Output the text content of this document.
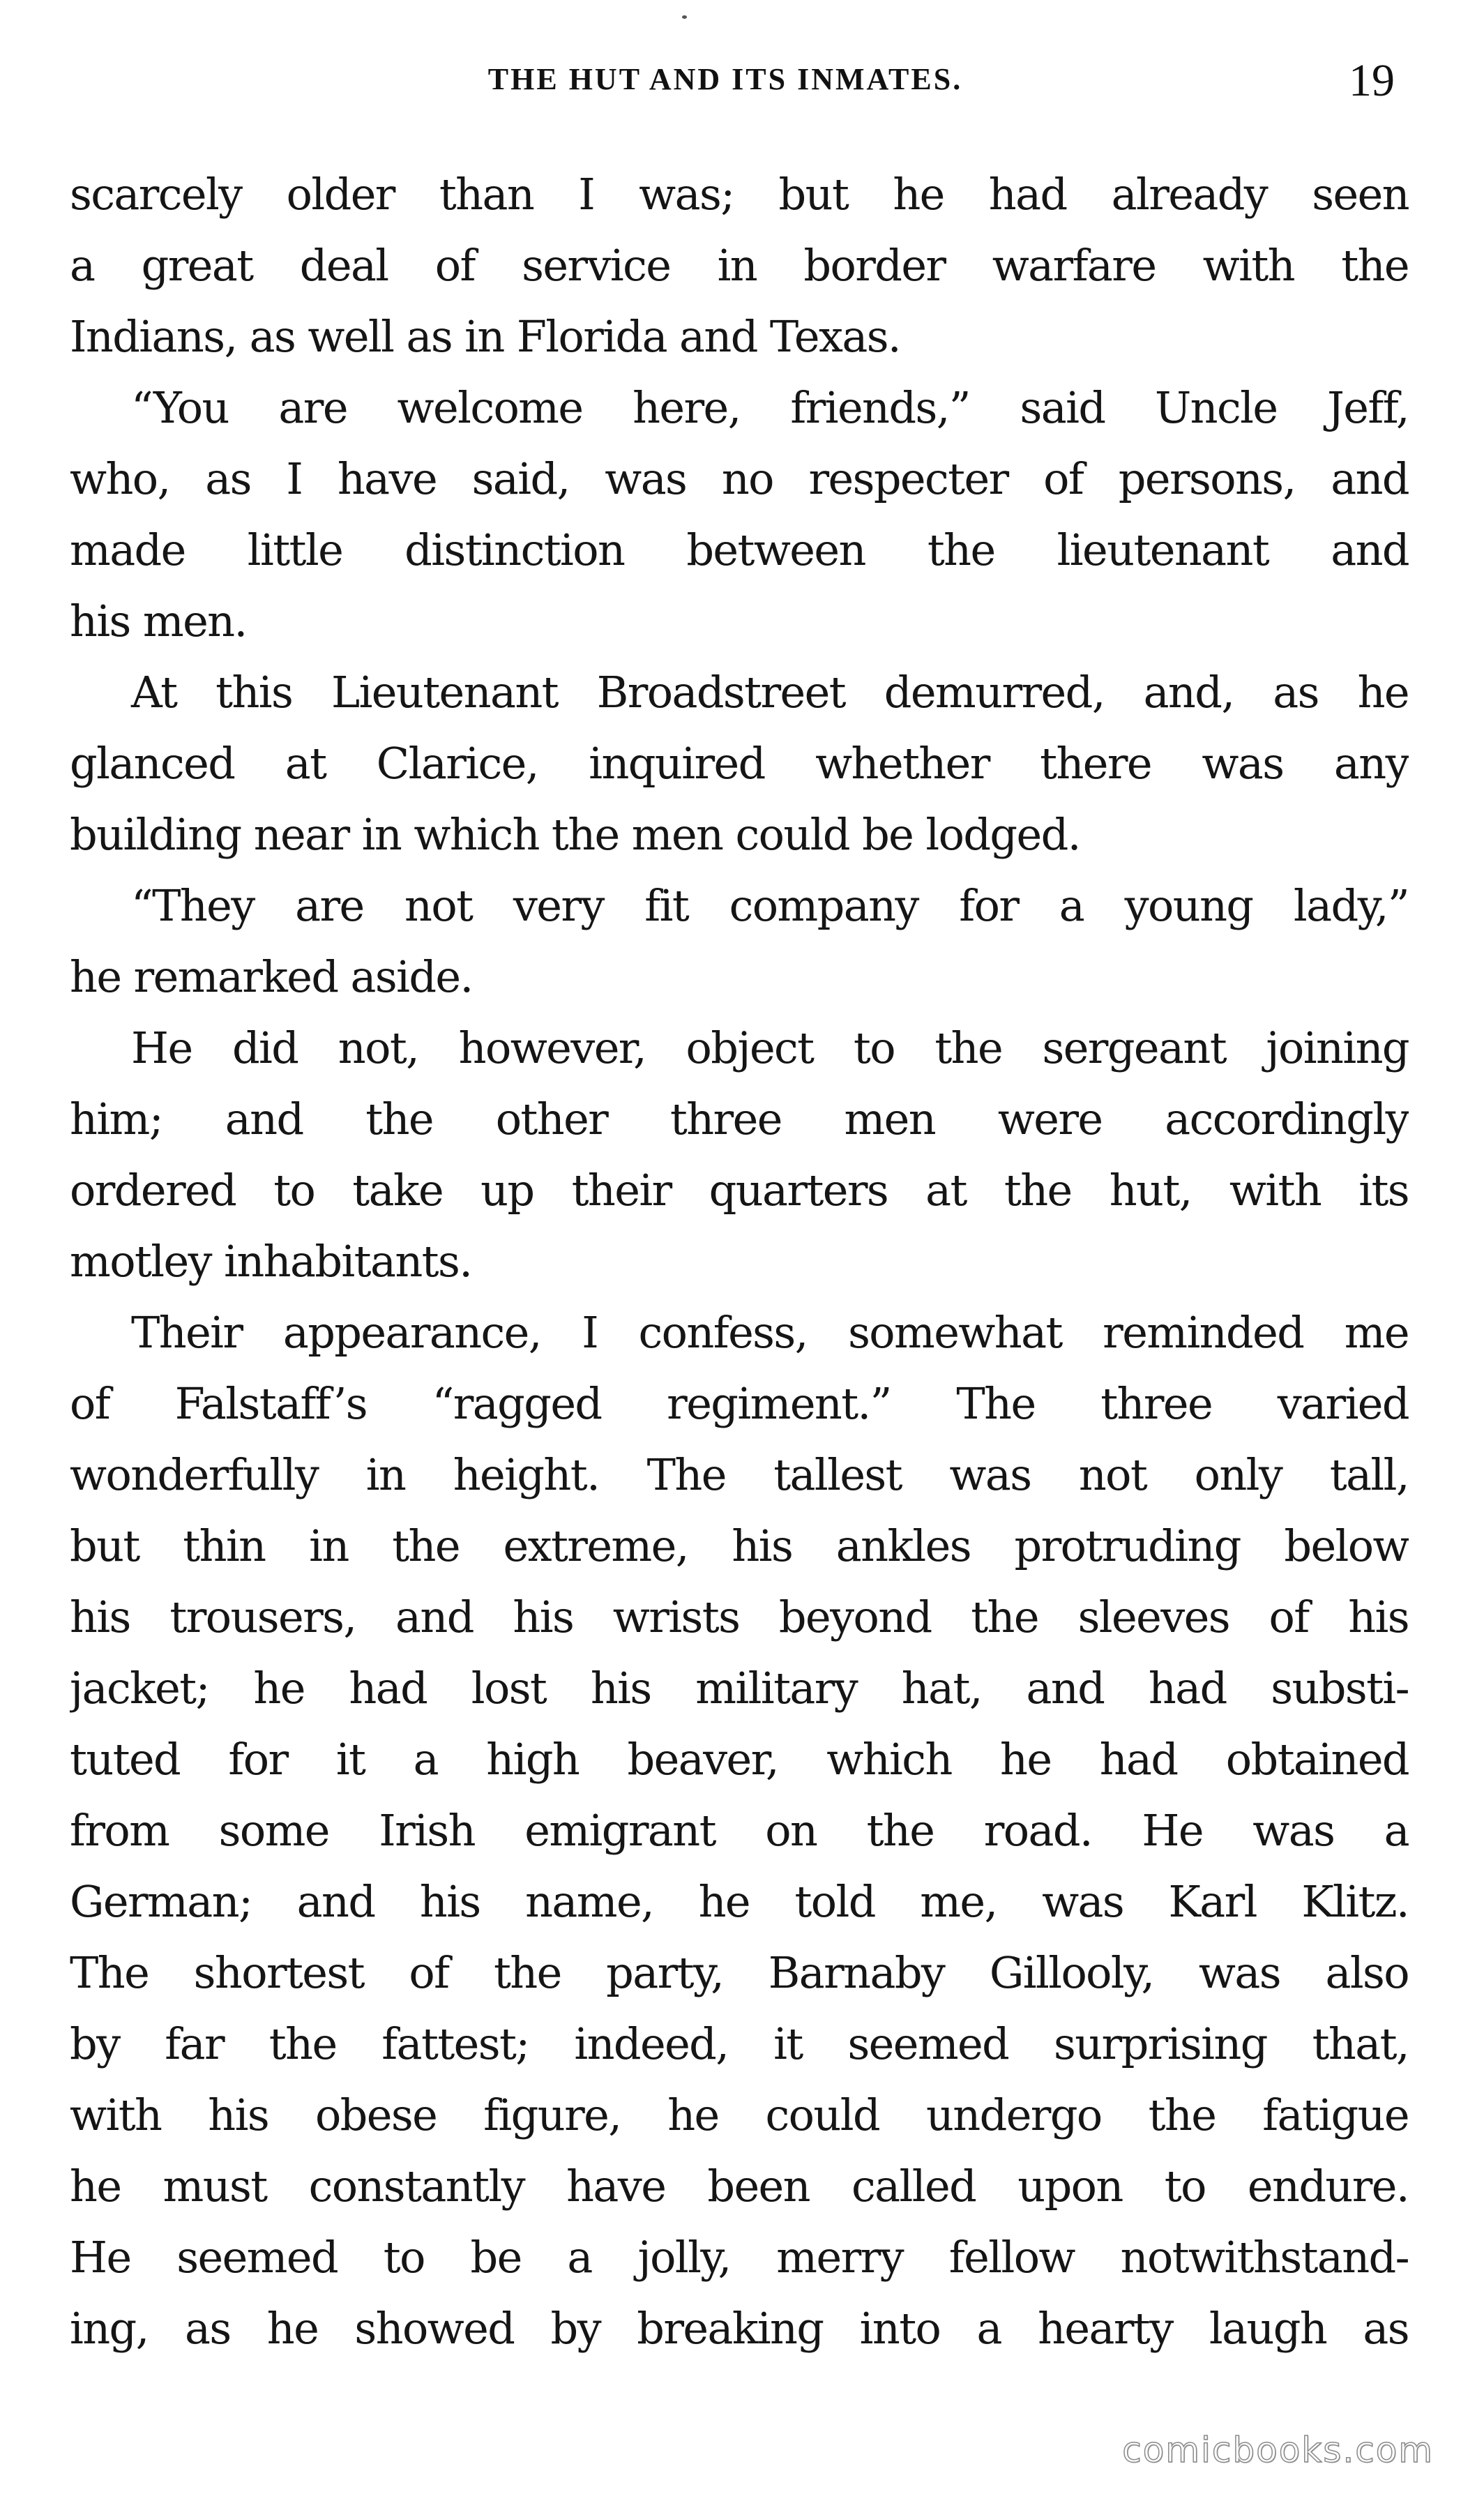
THE HUT AND ITS INMATES.	19
scarcely older than I was; but he had already seen
a great deal of service in border warfare with the
Indians, as well as in Florida and Texas.
“You are welcome here, friends,” said Uncle Jeff,
who, as I have said, was no respecter of persons, and
made little distinction between the lieutenant and
his men.
At this Lieutenant Broadstreet demurred, and, as he
glanced at Clarice, inquired whether there was any
building near in which the men could be lodged.
“They are not very fit company for a young lady,”
he remarked aside.
He did not, however, object to the sergeant joining
him; and the other three men were accordingly
ordered to take up their quarters at the hut, with its
motley inhabitants.
Their appearance, I confess, somewhat reminded me
of Falstaff’s “ragged regiment.” The three varied
wonderfully in height. The tallest was not only tall,
but thin in the extreme, his ankles protruding below
his trousers, and his wrists beyond the sleeves of his
jacket; he had lost his military hat, and had substi-
tuted for it a high beaver, which he had obtained
from some Irish emigrant on the road. He was a
German; and his name, he told me, was Karl Klitz.
The shortest of the party, Barnaby Gillooly, was also
by far the fattest; indeed, it seemed surprising that,
with his obese figure, he could undergo the fatigue
he must constantly have been called upon to endure.
He seemed to be a jolly, merry fellow notwithstand-
ing, as he showed by breaking into a hearty laugh as
comicbooks.com
